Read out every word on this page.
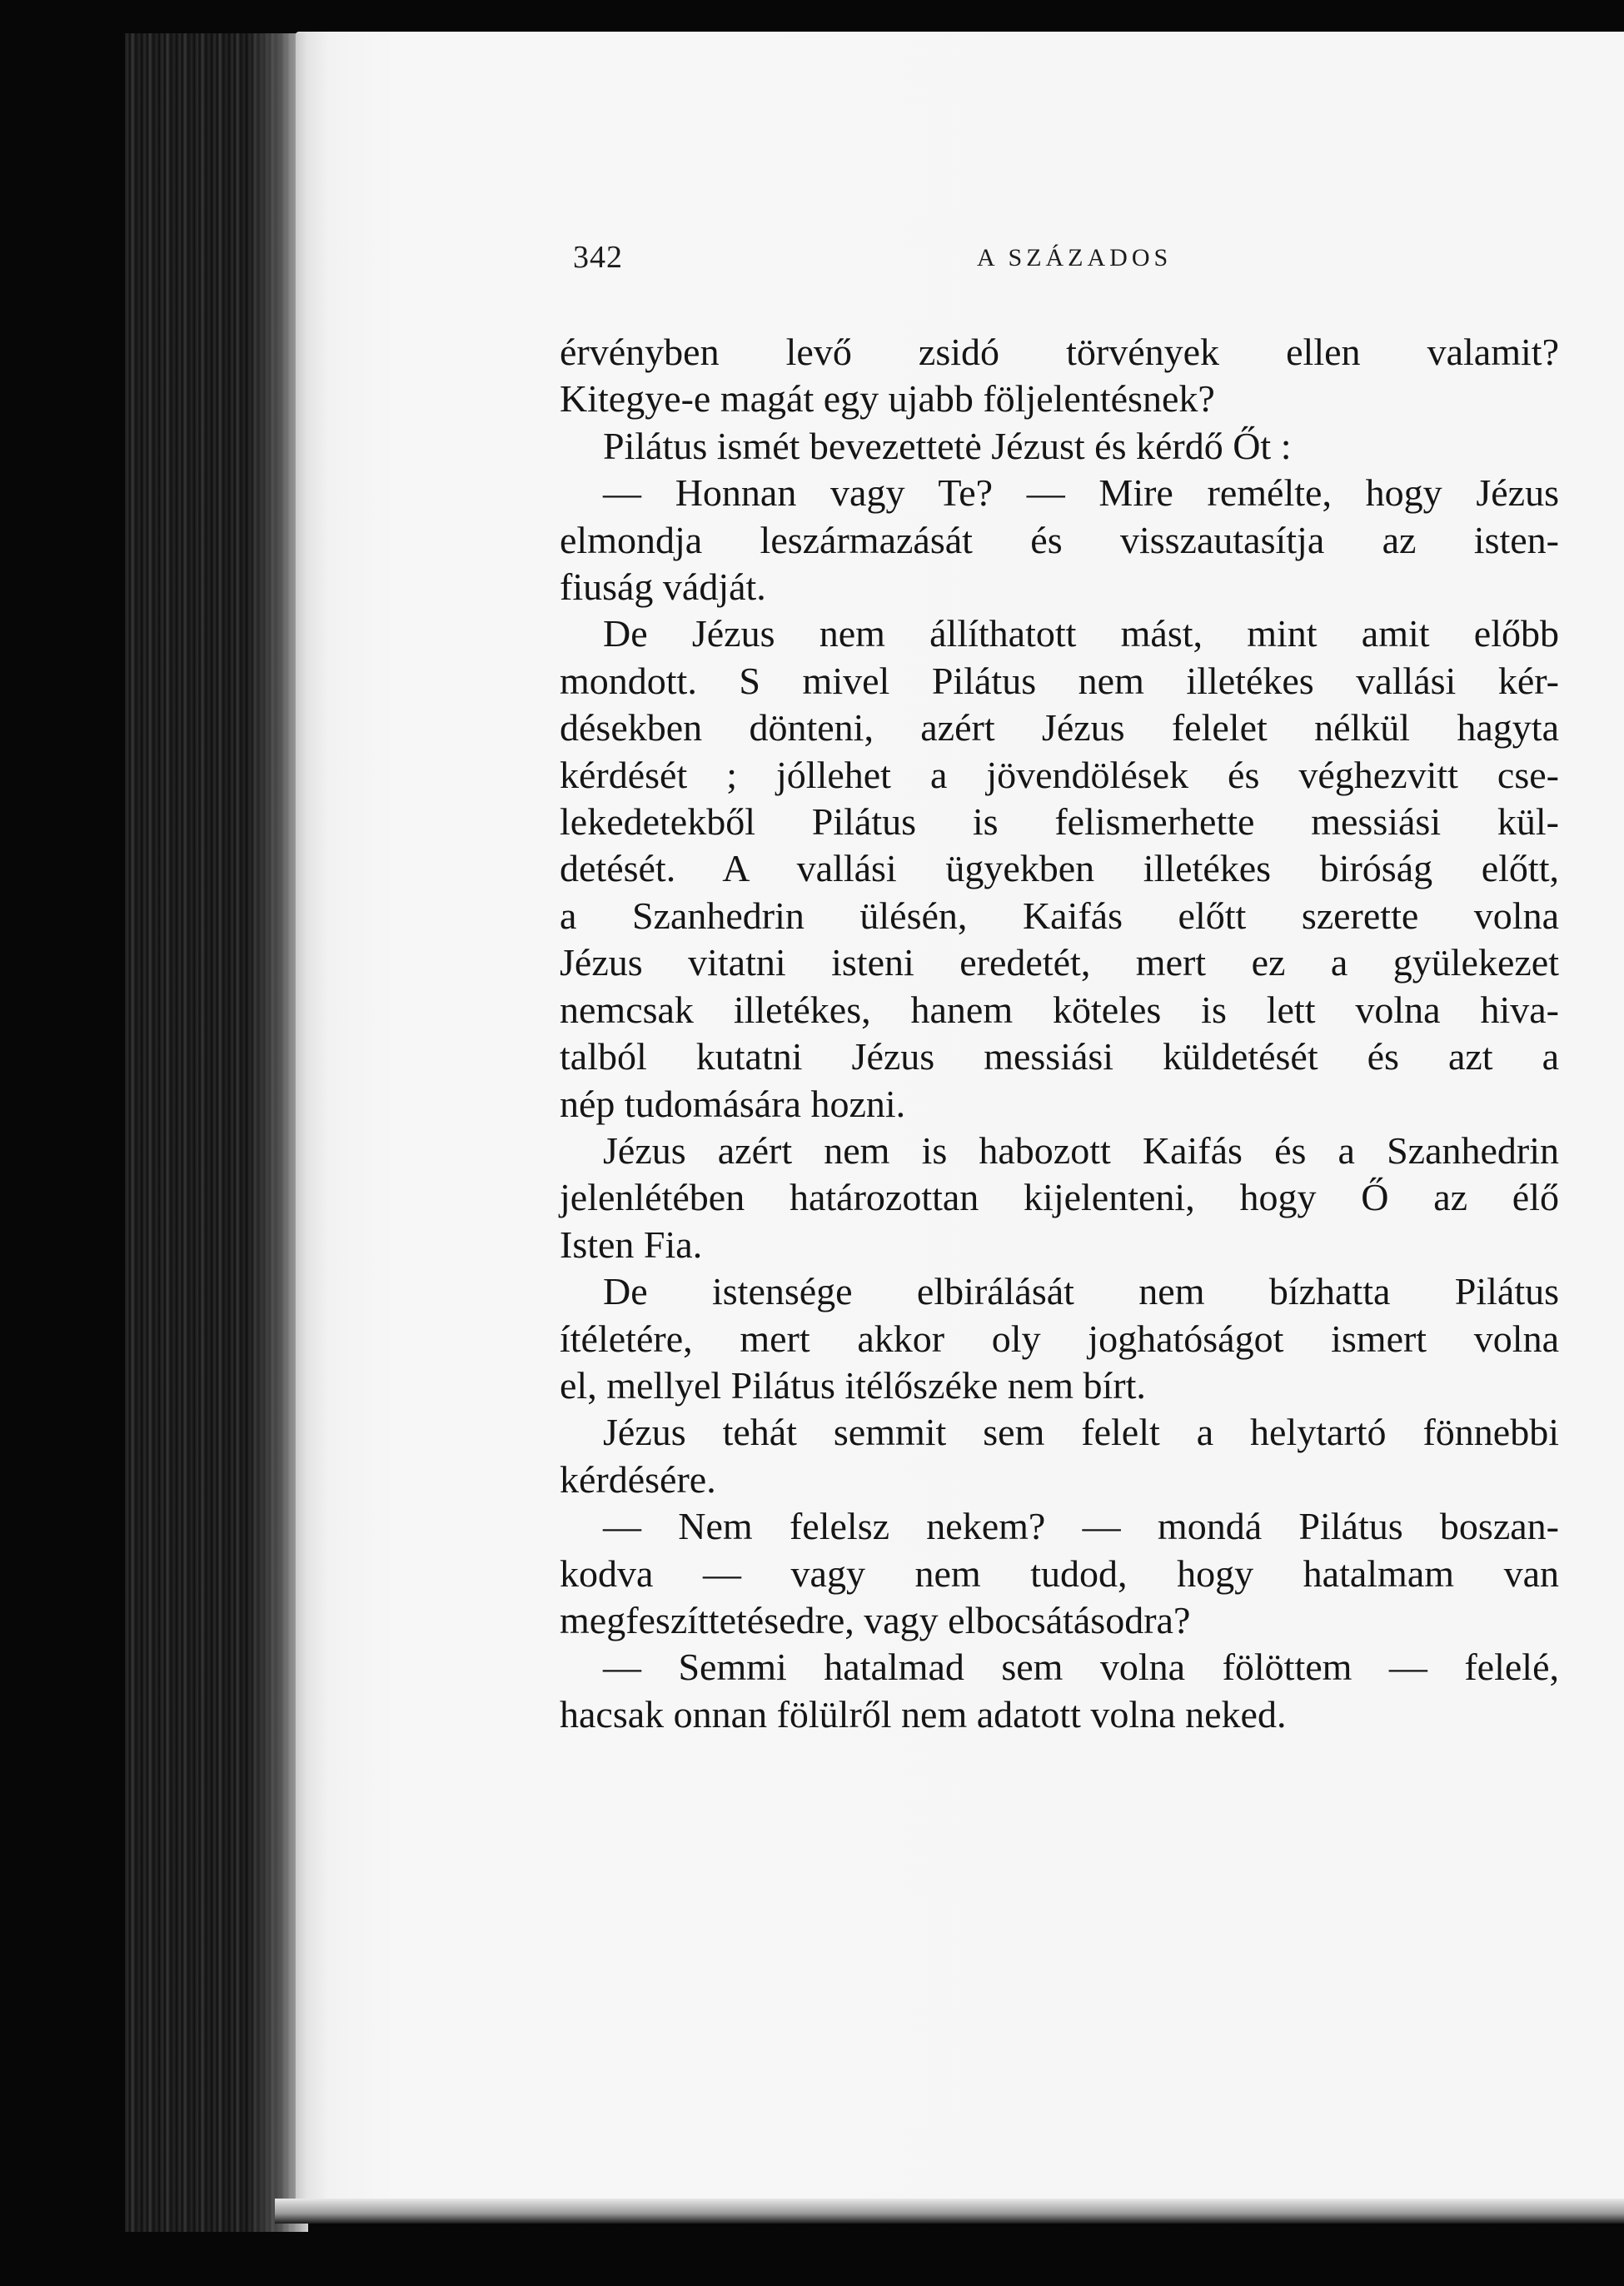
342	A SZÁZADOS
érvényben levő zsidó törvények ellen valamit?
Kitegye-e magát egy ujabb följelentésnek?
Pilátus ismét bevezettetė Jézust és kérdő Őt :
— Honnan vagy Te? — Mire remélte, hogy Jézus
elmondja leszármazását és visszautasítja az isten-
fiuság vádját.
De Jézus nem állíthatott mást, mint amit előbb
mondott. S mivel Pilátus nem illetékes vallási kér-
désekben dönteni, azért Jézus felelet nélkül hagyta
kérdését ; jóllehet a jövendölések és véghezvitt cse-
lekedetekből Pilátus is felismerhette messiási kül-
detését. A vallási ügyekben illetékes biróság előtt,
a Szanhedrin ülésén, Kaifás előtt szerette volna
Jézus vitatni isteni eredetét, mert ez a gyülekezet
nemcsak illetékes, hanem köteles is lett volna hiva-
talból kutatni Jézus messiási küldetését és azt a
nép tudomására hozni.
Jézus azért nem is habozott Kaifás és a Szanhedrin
jelenlétében határozottan kijelenteni, hogy Ő az élő
Isten Fia.
De istensége elbirálását nem bízhatta Pilátus
ítéletére, mert akkor oly joghatóságot ismert volna
el, mellyel Pilátus itélőszéke nem bírt.
Jézus tehát semmit sem felelt a helytartó fönnebbi
kérdésére.
— Nem felelsz nekem? — mondá Pilátus boszan-
kodva — vagy nem tudod, hogy hatalmam van
megfeszíttetésedre, vagy elbocsátásodra?
— Semmi hatalmad sem volna fölöttem — felelé,
hacsak onnan fölülről nem adatott volna neked.
